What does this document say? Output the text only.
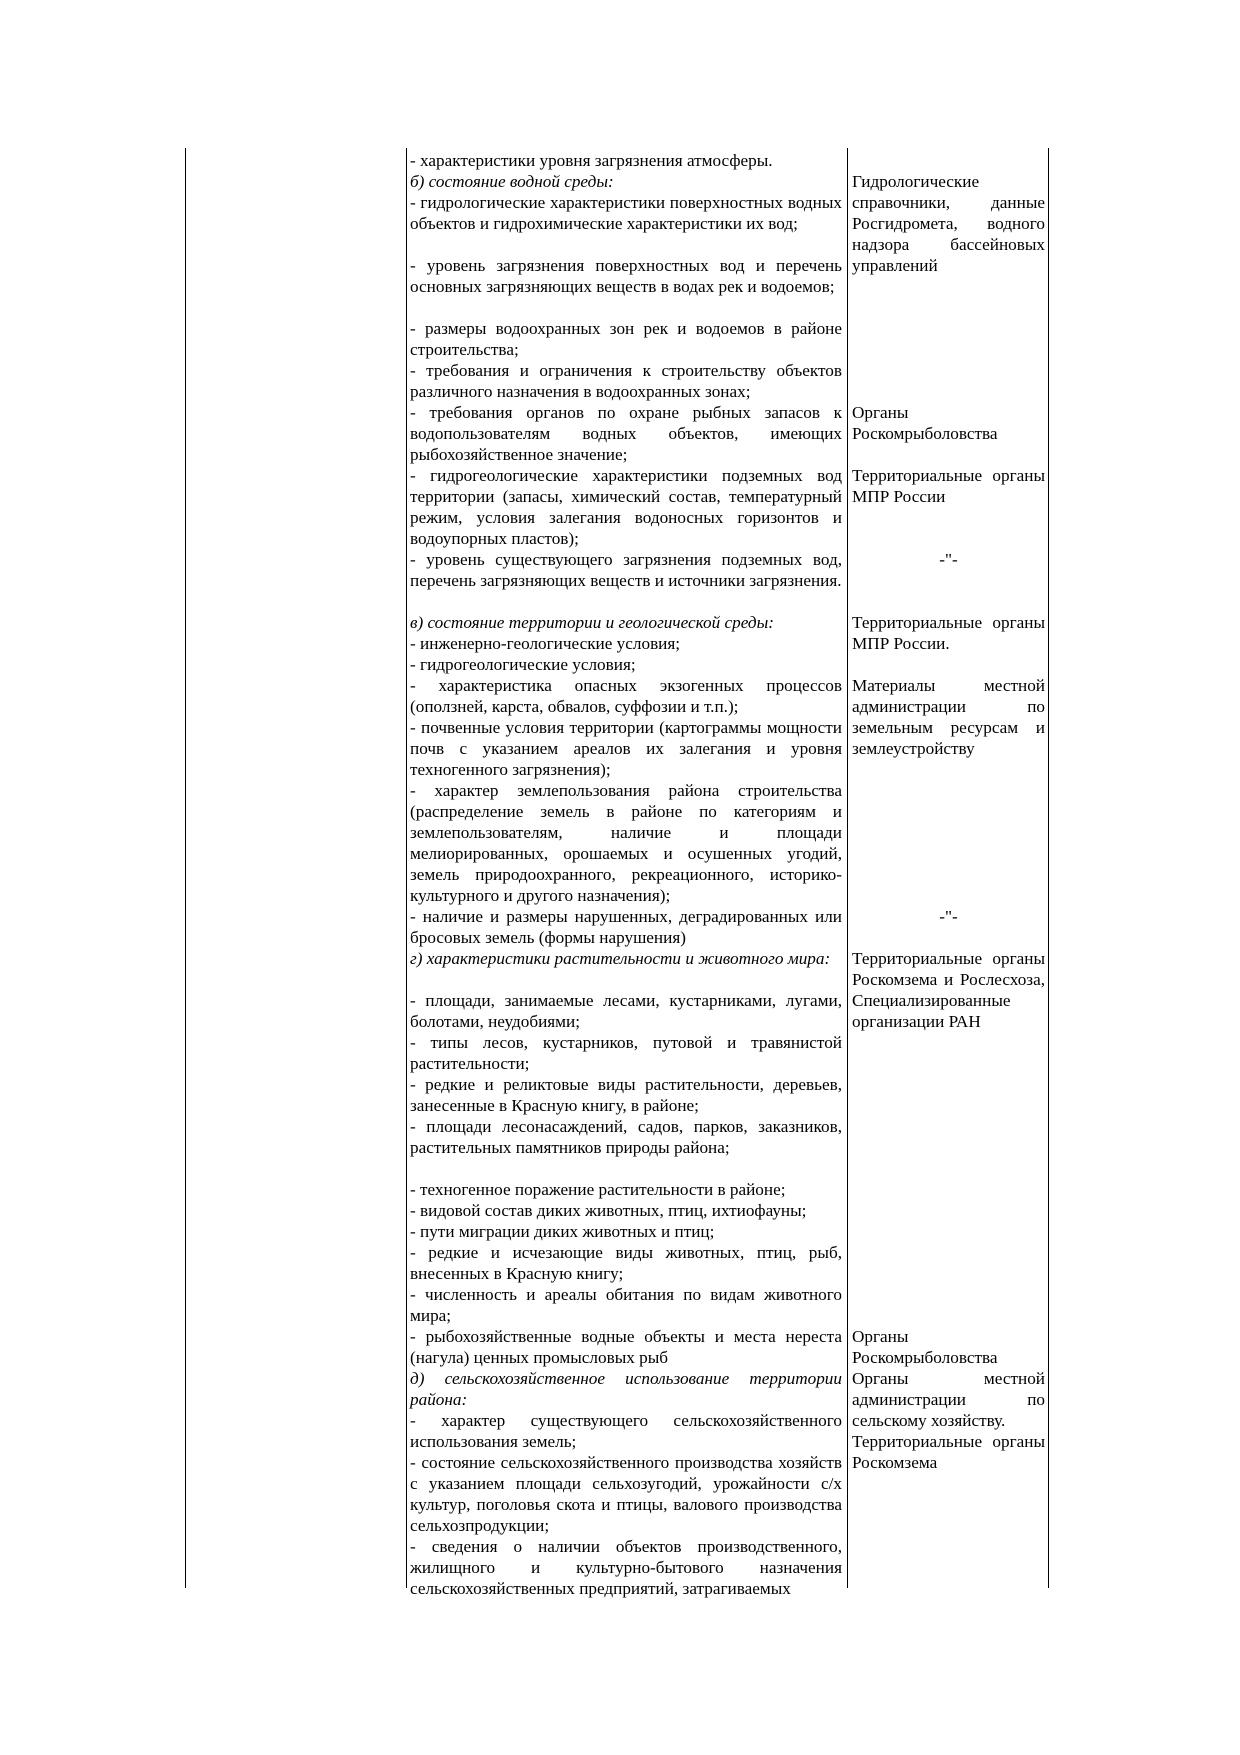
- характеристики уровня загрязнения атмосферы.

б) состояние водной среды:

- гидрологические характеристики поверхностных водных объектов и гидрохимические характеристики их вод;

- уровень загрязнения поверхностных вод и перечень основных загрязняющих веществ в водах рек и водоемов;

- размеры водоохранных зон рек и водоемов в районе строительства;

- требования и ограничения к строительству объектов различного назначения в водоохранных зонах;

- требования органов по охране рыбных запасов к водопользователям водных объектов, имеющих рыбохозяйственное значение;

- гидрогеологические характеристики подземных вод территории (запасы, химический состав, температурный режим, условия залегания водоносных горизонтов и водоупорных пластов);

- уровень существующего загрязнения подземных вод, перечень загрязняющих веществ и источники загрязнения.

в) состояние территории и геологической среды:

- инженерно-геологические условия;

- гидрогеологические условия;

- характеристика опасных экзогенных процессов (оползней, карста, обвалов, суффозии и т.п.);

- почвенные условия территории (картограммы мощности почв с указанием ареалов их залегания и уровня техногенного загрязнения);

- характер землепользования района строительства (распределение земель в районе по категориям и землепользователям, наличие и площади мелиорированных, орошаемых и осушенных угодий, земель природоохранного, рекреационного, историко-культурного и другого назначения);

- наличие и размеры нарушенных, деградированных или бросовых земель (формы нарушения)

г) характеристики растительности и животного мира:

- площади, занимаемые лесами, кустарниками, лугами, болотами, неудобиями;

- типы лесов, кустарников, путовой и травянистой растительности;

- редкие и реликтовые виды растительности, деревьев, занесенные в Красную книгу, в районе;

- площади лесонасаждений, садов, парков, заказников, растительных памятников природы района;

- техногенное поражение растительности в районе;

- видовой состав диких животных, птиц, ихтиофауны;

- пути миграции диких животных и птиц;

- редкие и исчезающие виды животных, птиц, рыб, внесенных в Красную книгу;

- численность и ареалы обитания по видам животного мира;

- рыбохозяйственные водные объекты и места нереста (нагула) ценных промысловых рыб

д) сельскохозяйственное использование территории района:

- характер существующего сельскохозяйственного использования земель;

- состояние сельскохозяйственного производства хозяйств с указанием площади сельхозугодий, урожайности с/х культур, поголовья скота и птицы, валового производства сельхозпродукции;

- сведения о наличии объектов производственного, жилищного и культурно-бытового назначения сельскохозяйственных предприятий, затрагиваемых

Гидрологические справочники, данные Росгидромета, водного надзора бассейновых управлений

Органы Роскомрыболовства

Территориальные органы МПР России

-"-

Территориальные органы МПР России.

Материалы местной администрации по земельным ресурсам и землеустройству

-"-

Территориальные органы Роскомзема и Рослесхоза, Специализированные организации РАН

Органы Роскомрыболовства

Органы местной администрации по сельскому хозяйству.

Территориальные органы Роскомзема
